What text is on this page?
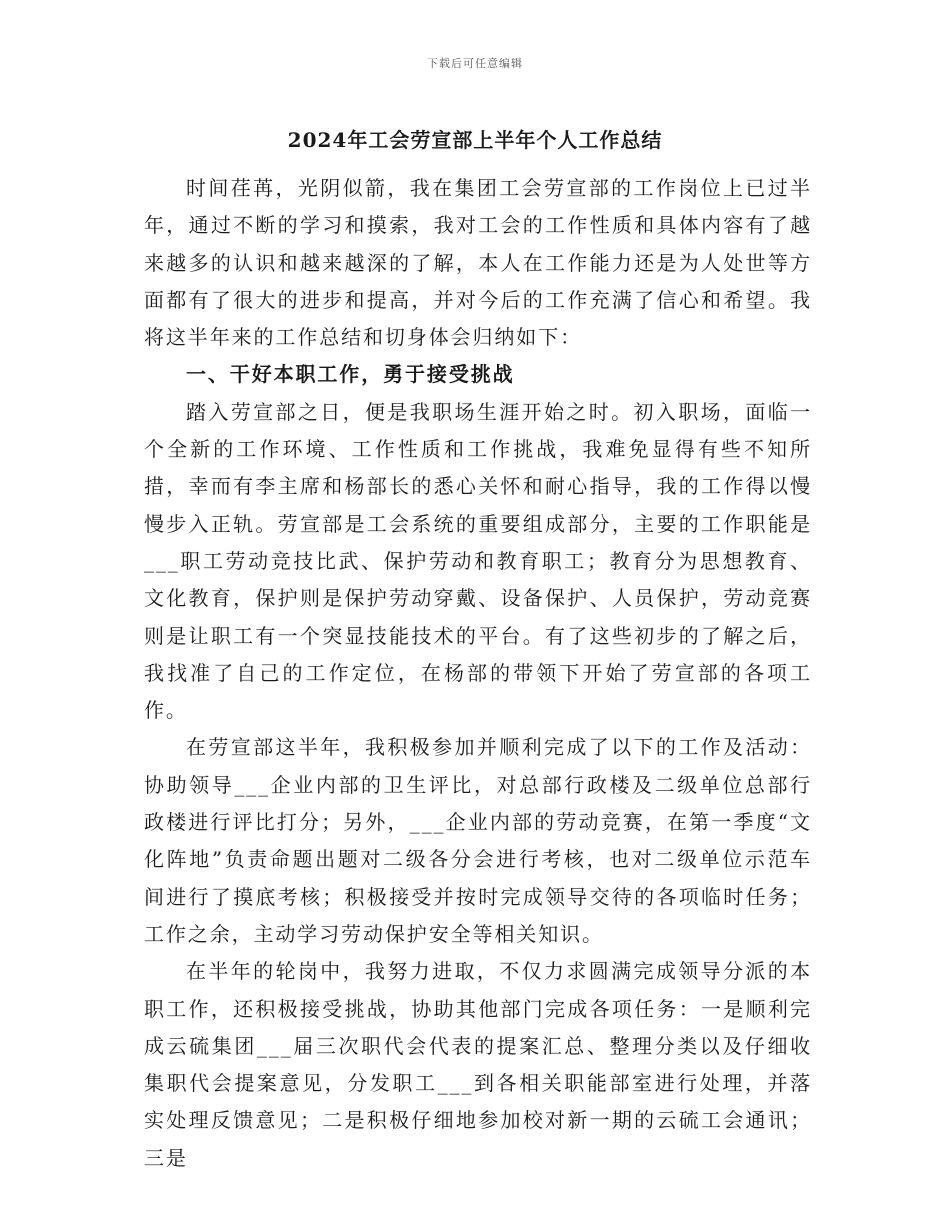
下载后可任意编辑
2024年工会劳宣部上半年个人工作总结

时间荏苒，光阴似箭，我在集团工会劳宣部的工作岗位上已过半年，通过不断的学习和摸索，我对工会的工作性质和具体内容有了越来越多的认识和越来越深的了解，本人在工作能力还是为人处世等方面都有了很大的进步和提高，并对今后的工作充满了信心和希望。我将这半年来的工作总结和切身体会归纳如下：

一、干好本职工作，勇于接受挑战

踏入劳宣部之日，便是我职场生涯开始之时。初入职场，面临一个全新的工作环境、工作性质和工作挑战，我难免显得有些不知所措，幸而有李主席和杨部长的悉心关怀和耐心指导，我的工作得以慢慢步入正轨。劳宣部是工会系统的重要组成部分，主要的工作职能是___职工劳动竞技比武、保护劳动和教育职工；教育分为思想教育、文化教育，保护则是保护劳动穿戴、设备保护、人员保护，劳动竞赛则是让职工有一个突显技能技术的平台。有了这些初步的了解之后，我找准了自己的工作定位，在杨部的带领下开始了劳宣部的各项工作。

在劳宣部这半年，我积极参加并顺利完成了以下的工作及活动：协助领导___企业内部的卫生评比，对总部行政楼及二级单位总部行政楼进行评比打分；另外，___企业内部的劳动竞赛，在第一季度“文化阵地”负责命题出题对二级各分会进行考核，也对二级单位示范车间进行了摸底考核；积极接受并按时完成领导交待的各项临时任务；工作之余，主动学习劳动保护安全等相关知识。

在半年的轮岗中，我努力进取，不仅力求圆满完成领导分派的本职工作，还积极接受挑战，协助其他部门完成各项任务：一是顺利完成云硫集团___届三次职代会代表的提案汇总、整理分类以及仔细收集职代会提案意见，分发职工___到各相关职能部室进行处理，并落实处理反馈意见；二是积极仔细地参加校对新一期的云硫工会通讯；三是
